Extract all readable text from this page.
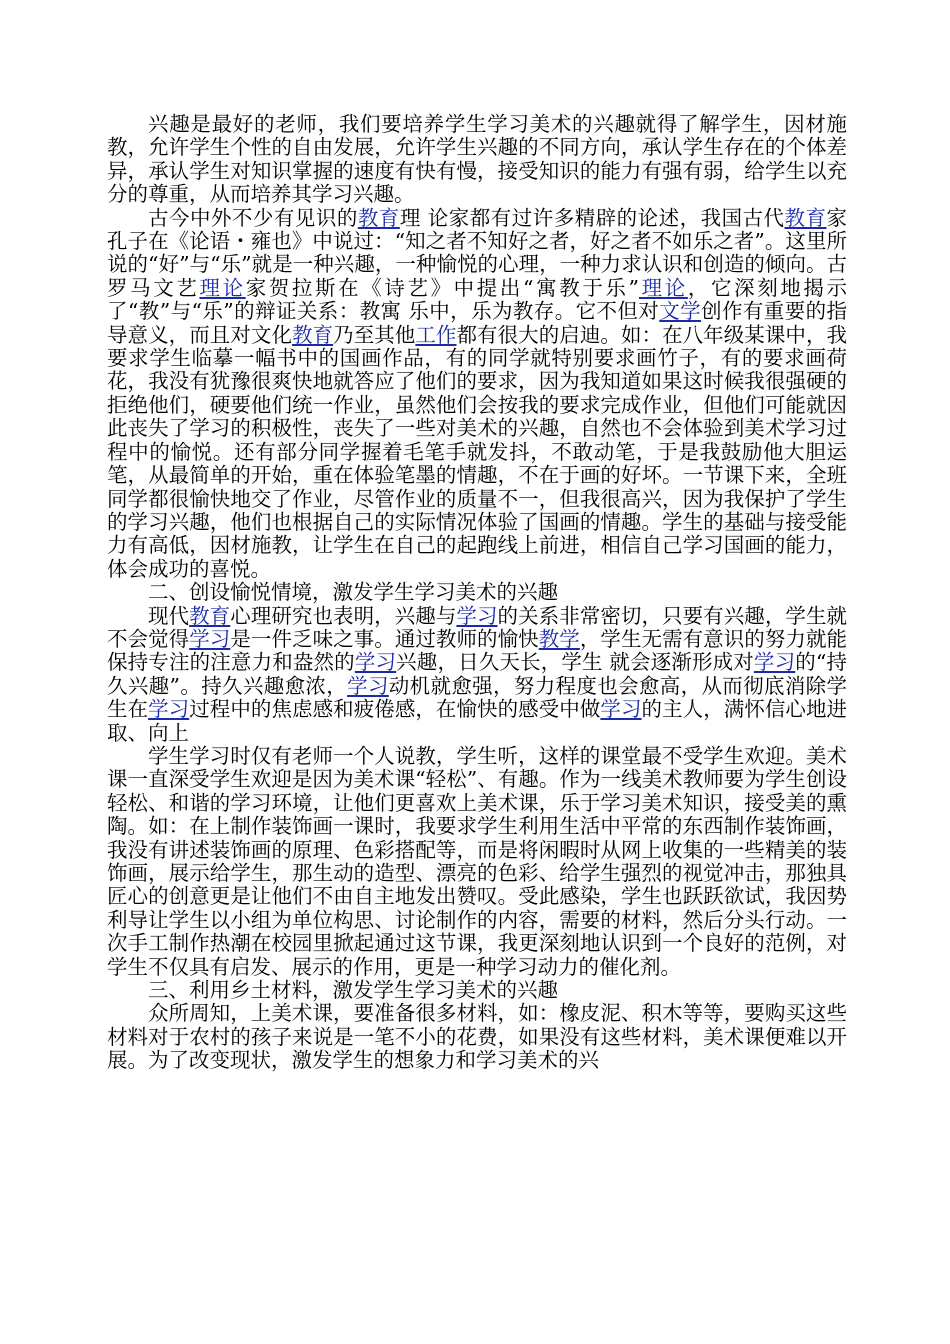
兴趣是最好的老师，我们要培养学生学习美术的兴趣就得了解学生，因材施教，允许学生个性的自由发展，允许学生兴趣的不同方向，承认学生存在的个体差异，承认学生对知识掌握的速度有快有慢，接受知识的能力有强有弱，给学生以充分的尊重，从而培养其学习兴趣。

古今中外不少有见识的教育理 论家都有过许多精辟的论述，我国古代教育家孔子在《论语・雍也》中说过：“知之者不知好之者，好之者不如乐之者”。这里所说的“好”与“乐”就是一种兴趣，一种愉悦的心理，一种力求认识和创造的倾向。古罗马文艺理论家贺拉斯在《诗艺》中提出“寓教于乐”理论，它深刻地揭示了“教”与“乐”的辩证关系：教寓 乐中，乐为教存。它不但对文学创作有重要的指导意义，而且对文化教育乃至其他工作都有很大的启迪。如：在八年级某课中，我要求学生临摹一幅书中的国画作品，有的同学就特别要求画竹子，有的要求画荷花，我没有犹豫很爽快地就答应了他们的要求，因为我知道如果这时候我很强硬的拒绝他们，硬要他们统一作业，虽然他们会按我的要求完成作业，但他们可能就因此丧失了学习的积极性，丧失了一些对美术的兴趣，自然也不会体验到美术学习过程中的愉悦。还有部分同学握着毛笔手就发抖，不敢动笔，于是我鼓励他大胆运笔，从最简单的开始，重在体验笔墨的情趣，不在于画的好坏。一节课下来，全班同学都很愉快地交了作业，尽管作业的质量不一，但我很高兴，因为我保护了学生的学习兴趣，他们也根据自己的实际情况体验了国画的情趣。学生的基础与接受能力有高低，因材施教，让学生在自己的起跑线上前进，相信自己学习国画的能力，体会成功的喜悦。

二、创设愉悦情境，激发学生学习美术的兴趣

现代教育心理研究也表明，兴趣与学习的关系非常密切，只要有兴趣，学生就不会觉得学习是一件乏味之事。通过教师的愉快教学，学生无需有意识的努力就能保持专注的注意力和盎然的学习兴趣，日久天长，学生 就会逐渐形成对学习的“持久兴趣”。持久兴趣愈浓，学习动机就愈强，努力程度也会愈高，从而彻底消除学生在学习过程中的焦虑感和疲倦感，在愉快的感受中做学习的主人，满怀信心地进取、向上

学生学习时仅有老师一个人说教，学生听，这样的课堂最不受学生欢迎。美术课一直深受学生欢迎是因为美术课“轻松”、有趣。作为一线美术教师要为学生创设轻松、和谐的学习环境，让他们更喜欢上美术课，乐于学习美术知识，接受美的熏陶。如：在上制作装饰画一课时，我要求学生利用生活中平常的东西制作装饰画，我没有讲述装饰画的原理、色彩搭配等，而是将闲暇时从网上收集的一些精美的装饰画，展示给学生，那生动的造型、漂亮的色彩、给学生强烈的视觉冲击，那独具匠心的创意更是让他们不由自主地发出赞叹。受此感染，学生也跃跃欲试，我因势利导让学生以小组为单位构思、讨论制作的内容，需要的材料，然后分头行动。一次手工制作热潮在校园里掀起通过这节课，我更深刻地认识到一个良好的范例，对学生不仅具有启发、展示的作用，更是一种学习动力的催化剂。

三、利用乡土材料，激发学生学习美术的兴趣

众所周知，上美术课，要准备很多材料，如：橡皮泥、积木等等，要购买这些材料对于农村的孩子来说是一笔不小的花费，如果没有这些材料，美术课便难以开展。为了改变现状，激发学生的想象力和学习美术的兴
